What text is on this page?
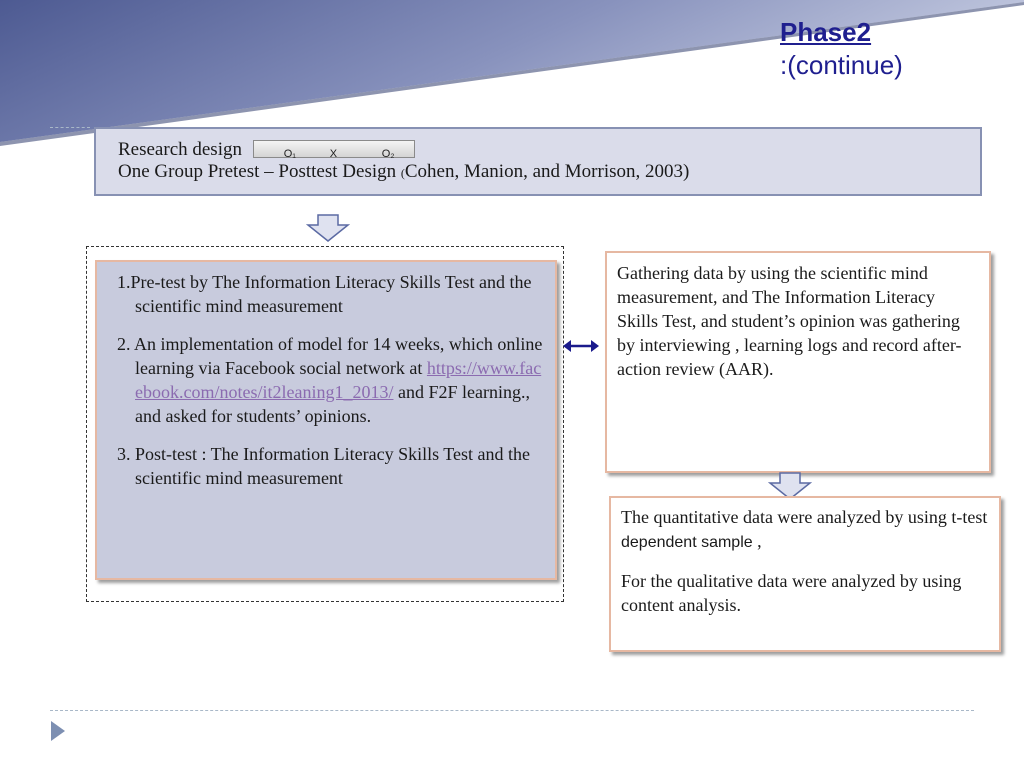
Phase2
:(continue)
Research design	O₁	X	O₂
One Group Pretest – Posttest Design (Cohen, Manion, and Morrison, 2003)
1.Pre-test by The Information Literacy Skills Test and the scientific mind measurement
2. An implementation of model for 14 weeks, which online learning via Facebook social network at https://www.facebook.com/notes/it2leaning1_2013/ and F2F learning., and asked for students’ opinions.
3. Post-test : The Information Literacy Skills Test and the scientific mind measurement
Gathering data by using the scientific mind measurement, and The Information Literacy Skills Test, and student’s opinion was gathering by interviewing , learning logs and record after-action review (AAR).

The quantitative data were analyzed by using t-test dependent sample ,

For the qualitative data were analyzed by using content analysis.
